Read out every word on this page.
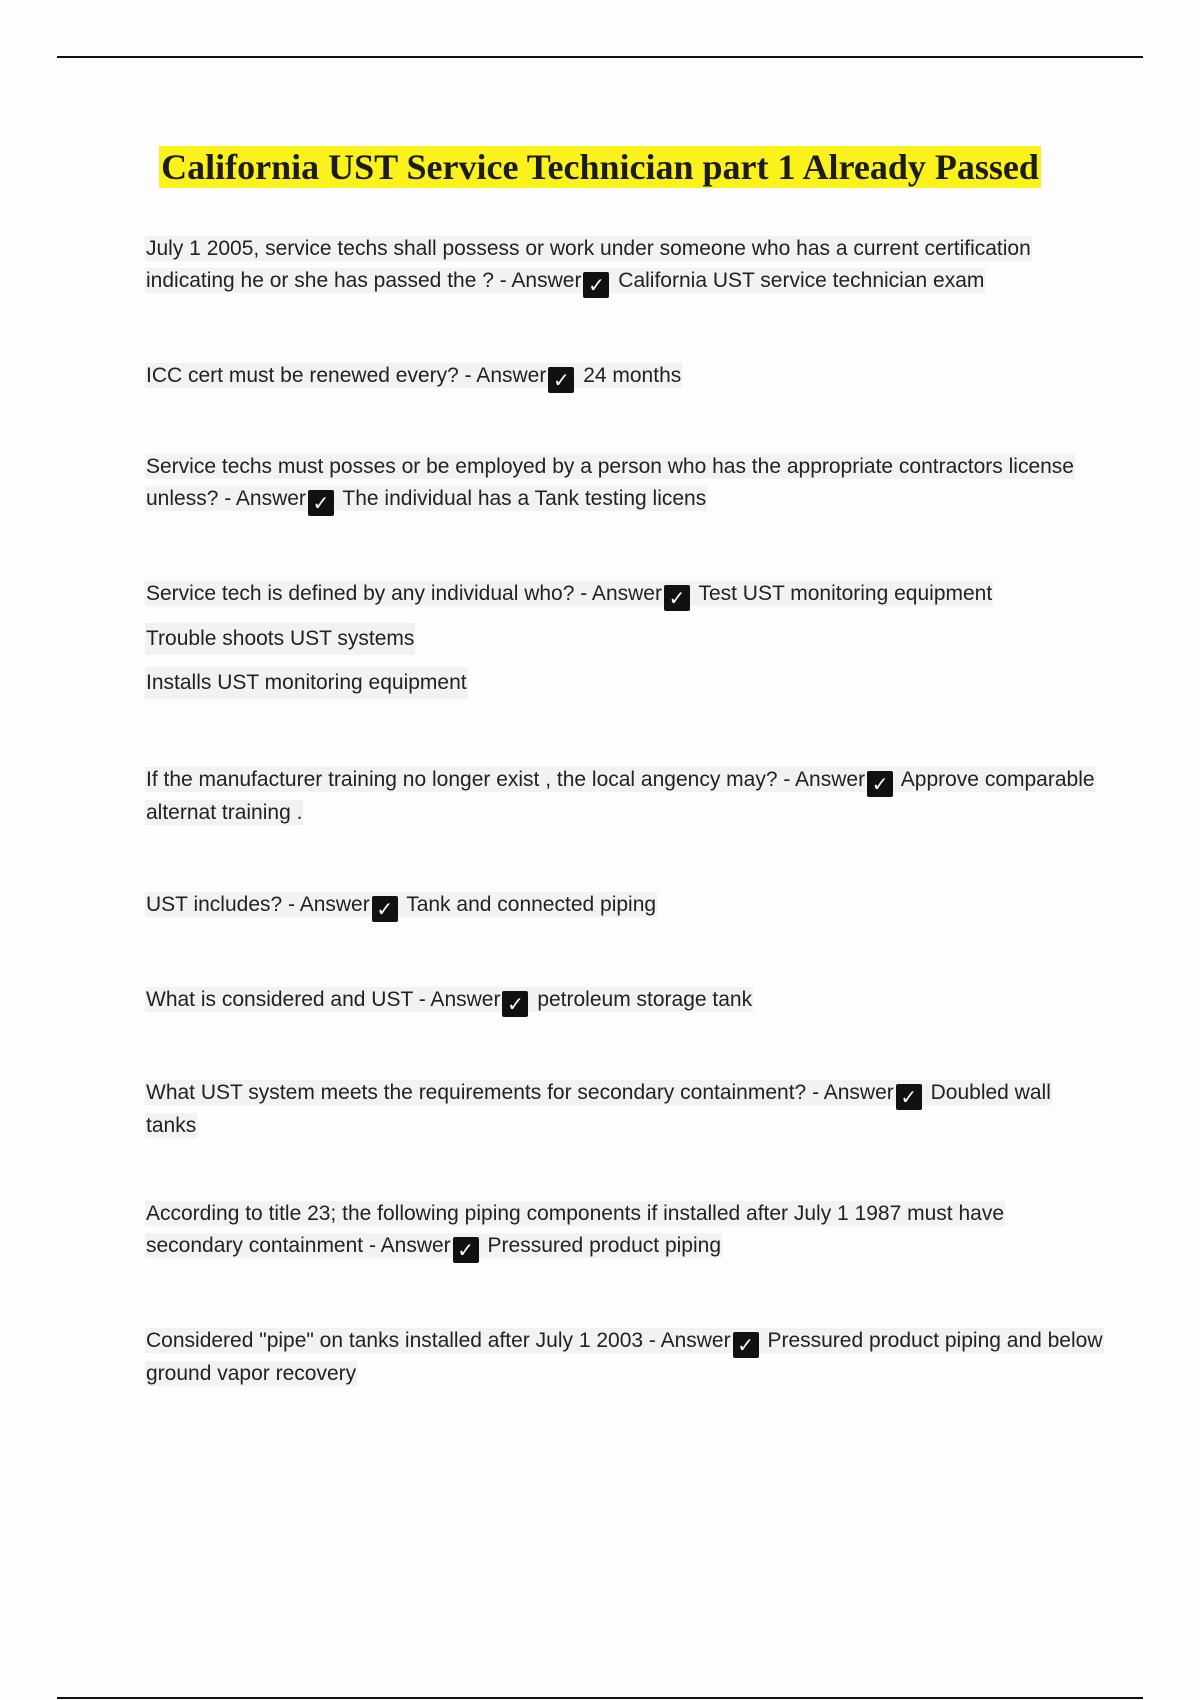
California UST Service Technician part 1 Already Passed
July 1 2005, service techs shall possess or work under someone who has a current certification indicating he or she has passed the ? - Answer ✓ California UST service technician exam
ICC cert must be renewed every? - Answer ✓ 24 months
Service techs must posses or be employed by a person who has the appropriate contractors license unless? - Answer ✓ The individual has a Tank testing licens
Service tech is defined by any individual who? - Answer ✓ Test UST monitoring equipment
Trouble shoots UST systems
Installs UST monitoring equipment
If the manufacturer training no longer exist , the local angency may? - Answer ✓ Approve comparable alternat training .
UST includes? - Answer ✓ Tank and connected piping
What is considered and UST - Answer ✓ petroleum storage tank
What UST system meets the requirements for secondary containment? - Answer ✓ Doubled wall tanks
According to title 23; the following piping components if installed after July 1 1987 must have secondary containment - Answer ✓ Pressured product piping
Considered "pipe" on tanks installed after July 1 2003 - Answer ✓ Pressured product piping and below ground vapor recovery
